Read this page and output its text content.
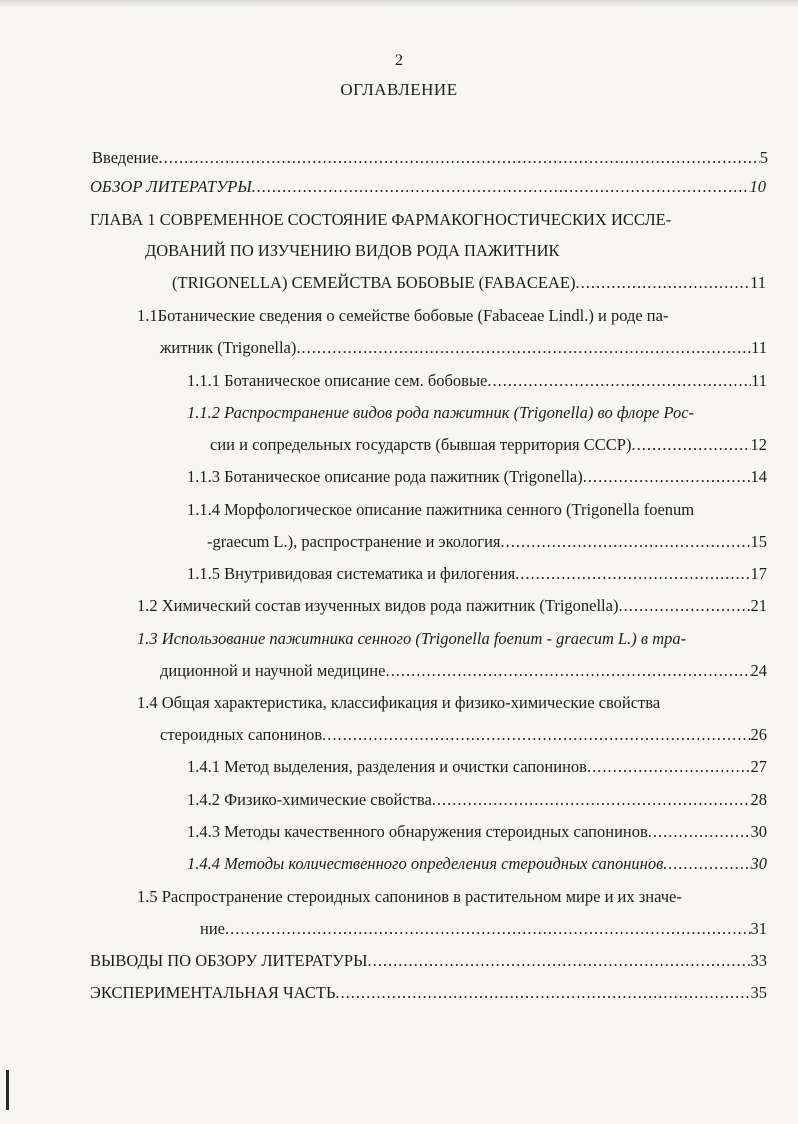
2
ОГЛАВЛЕНИЕ
Введение .....	5
ОБЗОР ЛИТЕРАТУРЫ .....	10
ГЛАВА 1 СОВРЕМЕННОЕ СОСТОЯНИЕ ФАРМАКОГНОСТИЧЕСКИХ ИССЛЕ-
ДОВАНИЙ ПО ИЗУЧЕНИЮ ВИДОВ РОДА ПАЖИТНИК
(TRIGONELLA) СЕМЕЙСТВА БОБОВЫЕ (FABACEAE) .....	11
1.1Ботанические сведения о семействе бобовые (Fabaceae Lindl.) и роде па-
житник (Trigonella) .....	11
1.1.1 Ботаническое описание сем. бобовые .....	11
1.1.2 Распространение видов рода пажитник (Trigonella) во флоре Рос-
сии и сопредельных государств (бывшая территория СССР) .....	12
1.1.3 Ботаническое описание рода пажитник (Trigonella) .....	14
1.1.4 Морфологическое описание пажитника сенного (Trigonella foenum
-graecum L.), распространение и экология .....	15
1.1.5 Внутривидовая систематика и филогения .....	17
1.2 Химический состав изученных видов рода пажитник (Trigonella) .....	21
1.3 Использование пажитника сенного (Trigonella foenum - graecum L.) в тра-
диционной и научной медицине .....	24
1.4 Общая характеристика, классификация и физико-химические свойства
стероидных сапонинов .....	26
1.4.1 Метод выделения, разделения и очистки сапонинов .....	27
1.4.2 Физико-химические свойства .....	28
1.4.3 Методы качественного обнаружения стероидных сапонинов .....	30
1.4.4 Методы количественного определения стероидных сапонинов .....	30
1.5 Распространение стероидных сапонинов в растительном мире и их значе-
ние .....	31
ВЫВОДЫ ПО ОБЗОРУ ЛИТЕРАТУРЫ .....	33
ЭКСПЕРИМЕНТАЛЬНАЯ ЧАСТЬ .....	35
